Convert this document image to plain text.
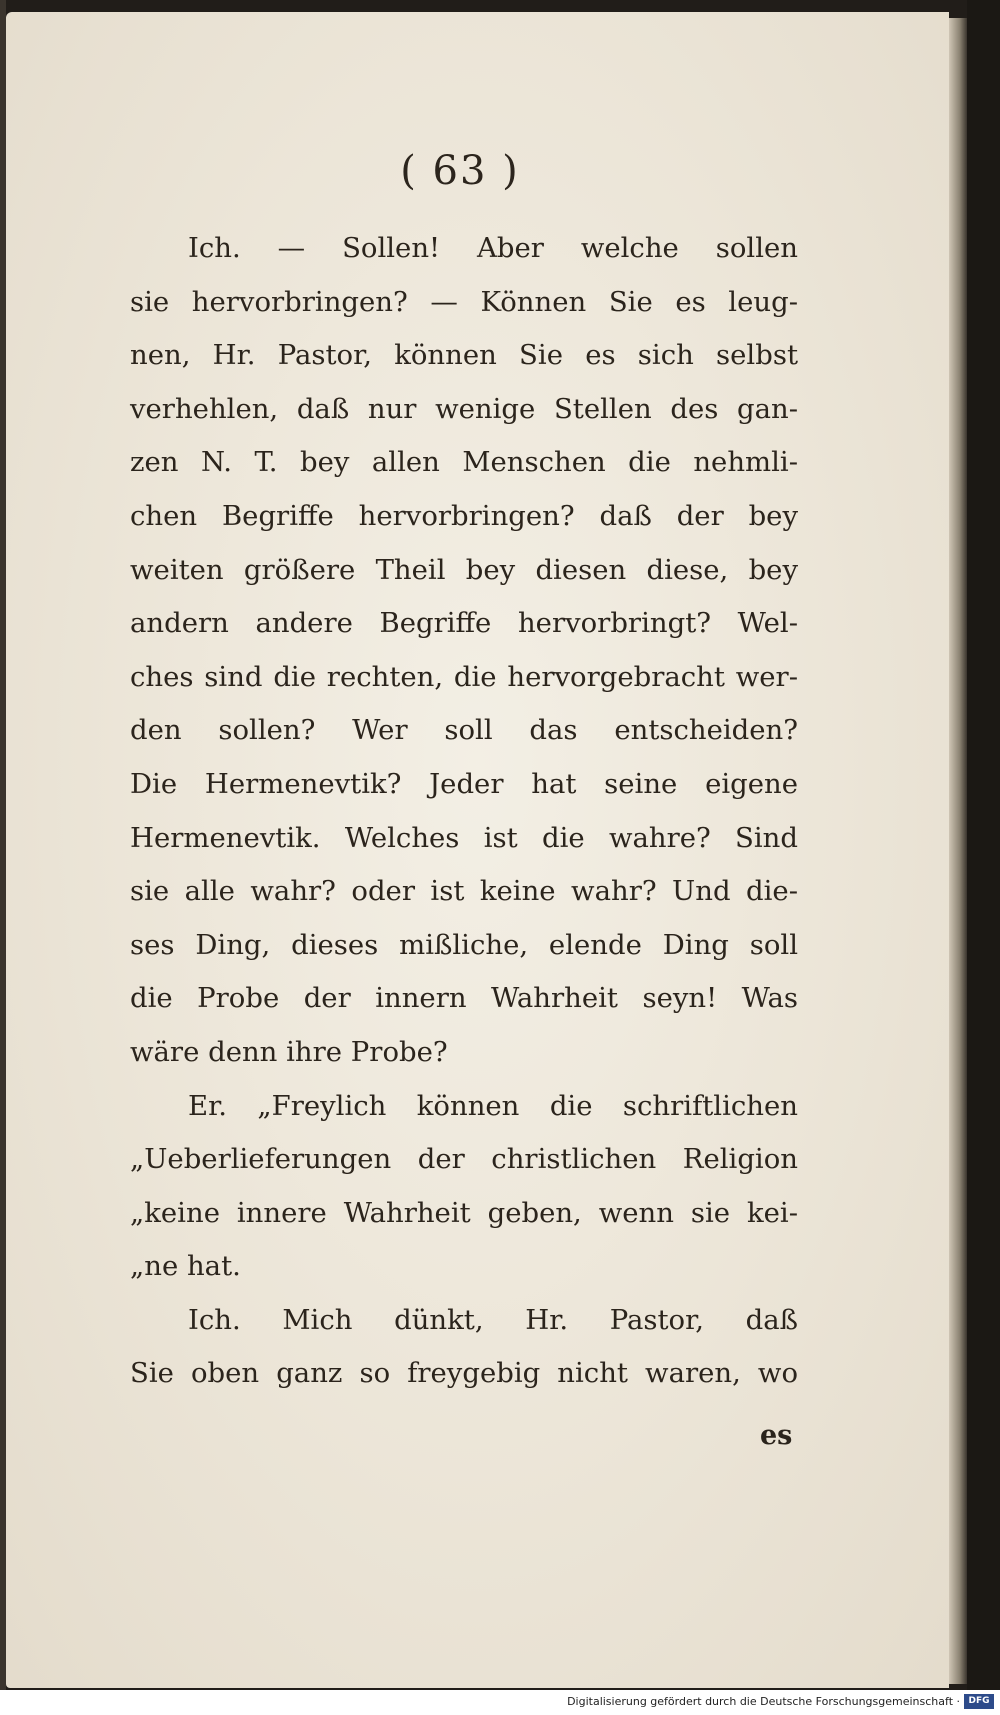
( 63 )
Ich. — Sollen! Aber welche sollen
sie hervorbringen? — Können Sie es leug-
nen, Hr. Pastor, können Sie es sich selbst
verhehlen, daß nur wenige Stellen des gan-
zen N. T. bey allen Menschen die nehmli-
chen Begriffe hervorbringen? daß der bey
weiten größere Theil bey diesen diese, bey
andern andere Begriffe hervorbringt? Wel-
ches sind die rechten, die hervorgebracht wer-
den sollen? Wer soll das entscheiden?
Die Hermenevtik? Jeder hat seine eigene
Hermenevtik. Welches ist die wahre? Sind
sie alle wahr? oder ist keine wahr? Und die-
ses Ding, dieses mißliche, elende Ding soll
die Probe der innern Wahrheit seyn! Was
wäre denn ihre Probe?
Er. „Freylich können die schriftlichen
„Ueberlieferungen der christlichen Religion
„keine innere Wahrheit geben, wenn sie kei-
„ne hat.
Ich. Mich dünkt, Hr. Pastor, daß
Sie oben ganz so freygebig nicht waren, wo
es
Digitalisierung gefördert durch die Deutsche Forschungsgemeinschaft · DFG
